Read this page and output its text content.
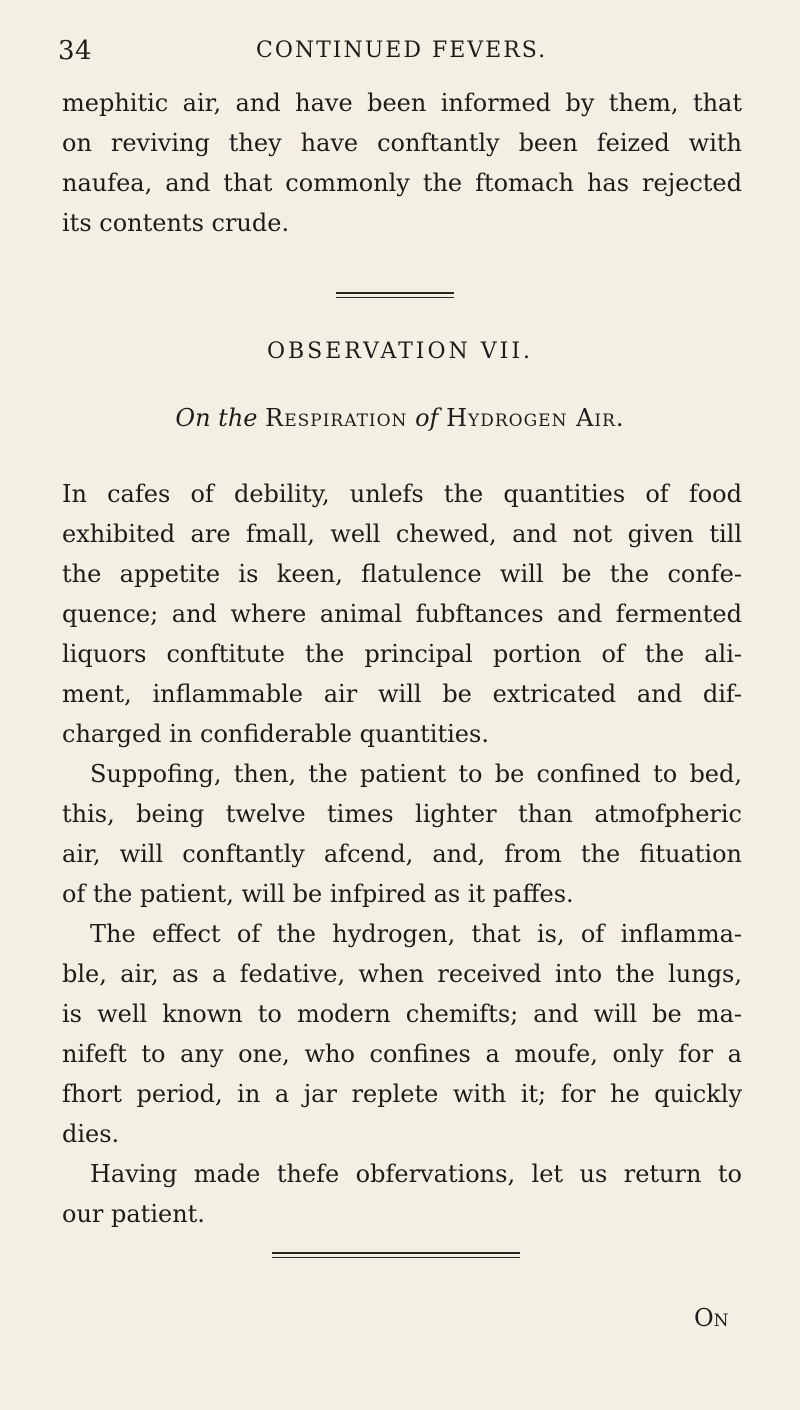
34	CONTINUED FEVERS.
mephitic air, and have been informed by them, that
on reviving they have conftantly been feized with
naufea, and that commonly the ftomach has rejected
its contents crude.
OBSERVATION VII.
On the Respiration of Hydrogen Air.
In cafes of debility, unlefs the quantities of food
exhibited are fmall, well chewed, and not given till
the appetite is keen, flatulence will be the confe-
quence; and where animal fubftances and fermented
liquors conftitute the principal portion of the ali-
ment, inflammable air will be extricated and dif-
charged in confiderable quantities.
Suppofing, then, the patient to be confined to bed,
this, being twelve times lighter than atmofpheric
air, will conftantly afcend, and, from the fituation
of the patient, will be infpired as it paffes.
The effect of the hydrogen, that is, of inflamma-
ble, air, as a fedative, when received into the lungs,
is well known to modern chemifts; and will be ma-
nifeft to any one, who confines a moufe, only for a
fhort period, in a jar replete with it; for he quickly
dies.
Having made thefe obfervations, let us return to
our patient.
On
